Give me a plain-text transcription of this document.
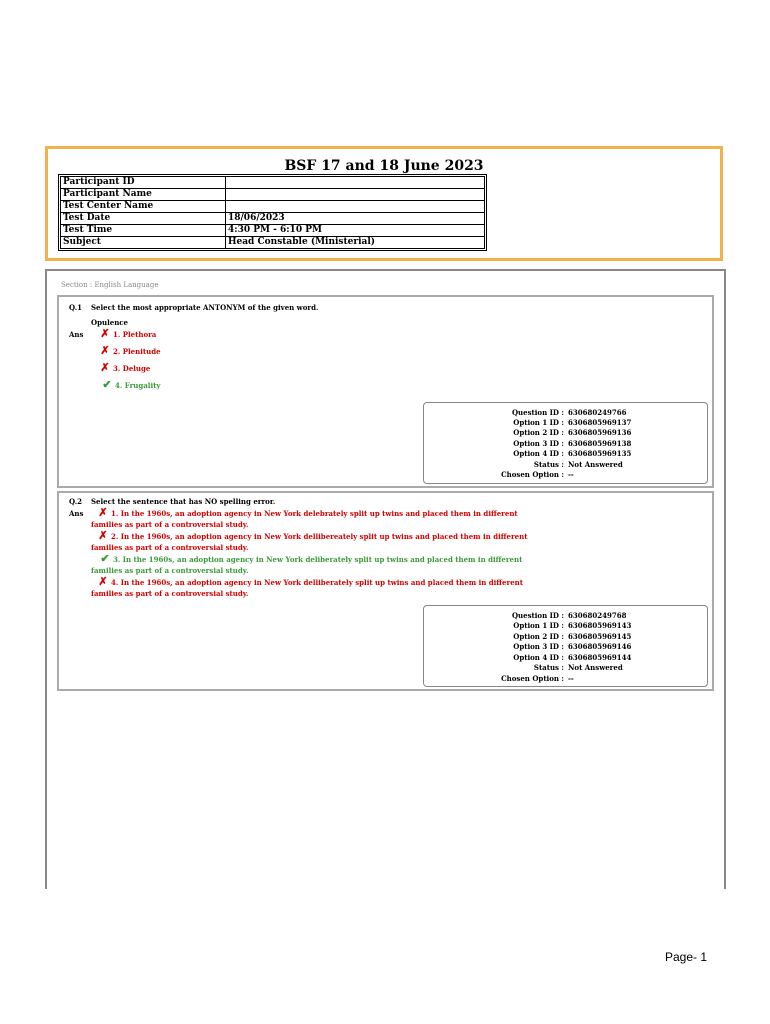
BSF 17 and 18 June 2023
Participant ID	
Participant Name	
Test Center Name	
Test Date	18/06/2023
Test Time	4:30 PM - 6:10 PM
Subject	Head Constable (Ministerial)
Section : English Language
Q.1 Select the most appropriate ANTONYM of the given word.
Opulence
Ans ✗ 1. Plethora
✗ 2. Plenitude
✗ 3. Deluge
✔ 4. Frugality
Question ID : 630680249766
Option 1 ID : 6306805969137
Option 2 ID : 6306805969136
Option 3 ID : 6306805969138
Option 4 ID : 6306805969135
Status : Not Answered
Chosen Option : --
Q.2 Select the sentence that has NO spelling error.
Ans ✗ 1. In the 1960s, an adoption agency in New York delebrately split up twins and placed them in different
families as part of a controversial study.
✗ 2. In the 1960s, an adoption agency in New York dellibereately split up twins and placed them in different
families as part of a controversial study.
✔ 3. In the 1960s, an adoption agency in New York deliberately split up twins and placed them in different
families as part of a controversial study.
✗ 4. In the 1960s, an adoption agency in New York delliberately split up twins and placed them in different
families as part of a controversial study.
Question ID : 630680249768
Option 1 ID : 6306805969143
Option 2 ID : 6306805969145
Option 3 ID : 6306805969146
Option 4 ID : 6306805969144
Status : Not Answered
Chosen Option : --
Page- 1
